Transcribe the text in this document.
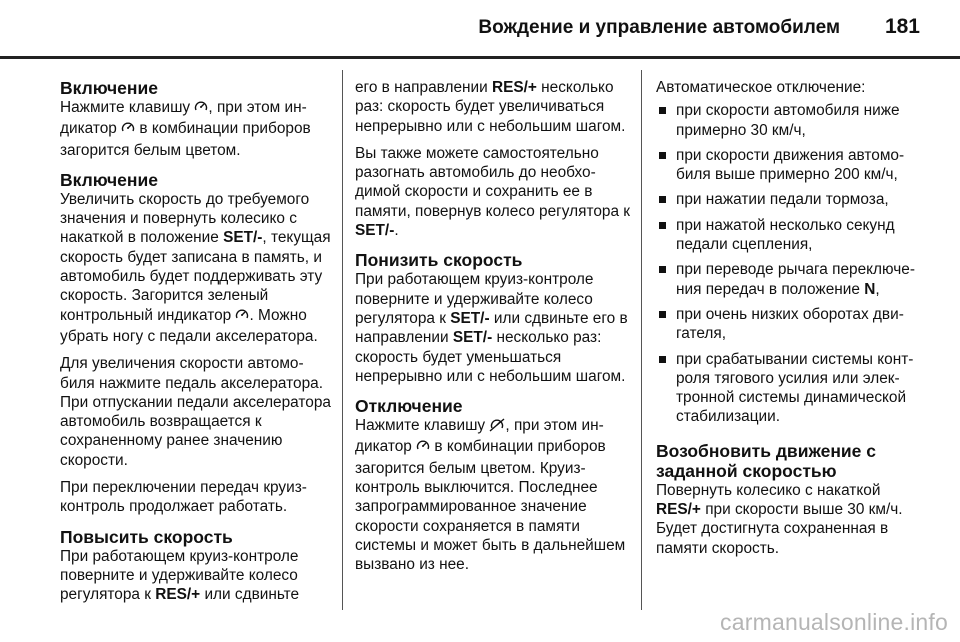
Вождение и управление автомобилем 181
Включение

Нажмите клавишу , при этом индикатор  в комбинации приборов загорится белым цветом.

Включение

Увеличить скорость до требуемого значения и повернуть колесико с накаткой в положение SET/-, текущая скорость будет записана в память, и автомобиль будет поддерживать эту скорость. Загорится зеленый контрольный индикатор . Можно убрать ногу с педали акселератора.

Для увеличения скорости автомобиля нажмите педаль акселератора. При отпускании педали акселератора автомобиль возвращается к сохраненному ранее значению скорости.

При переключении передач круиз-контроль продолжает работать.

Повысить скорость

При работающем круиз-контроле поверните и удерживайте колесо регулятора к RES/+ или сдвиньте

его в направлении RES/+ несколько раз: скорость будет увеличиваться непрерывно или с небольшим шагом.

Вы также можете самостоятельно разогнать автомобиль до необходимой скорости и сохранить ее в памяти, повернув колесо регулятора к SET/-.

Понизить скорость

При работающем круиз-контроле поверните и удерживайте колесо регулятора к SET/- или сдвиньте его в направлении SET/- несколько раз: скорость будет уменьшаться непрерывно или с небольшим шагом.

Отключение

Нажмите клавишу , при этом индикатор  в комбинации приборов загорится белым цветом. Круиз-контроль выключится. Последнее запрограммированное значение скорости сохраняется в памяти системы и может быть в дальнейшем вызвано из нее.

Автоматическое отключение:

при скорости автомобиля ниже примерно 30 км/ч,
при скорости движения автомобиля выше примерно 200 км/ч,
при нажатии педали тормоза,
при нажатой несколько секунд педали сцепления,
при переводе рычага переключения передач в положение N,
при очень низких оборотах двигателя,
при срабатывании системы контроля тягового усилия или электронной системы динамической стабилизации.
Возобновить движение с заданной скоростью

Повернуть колесико с накаткой RES/+ при скорости выше 30 км/ч. Будет достигнута сохраненная в памяти скорость.

carmanualsonline.info
